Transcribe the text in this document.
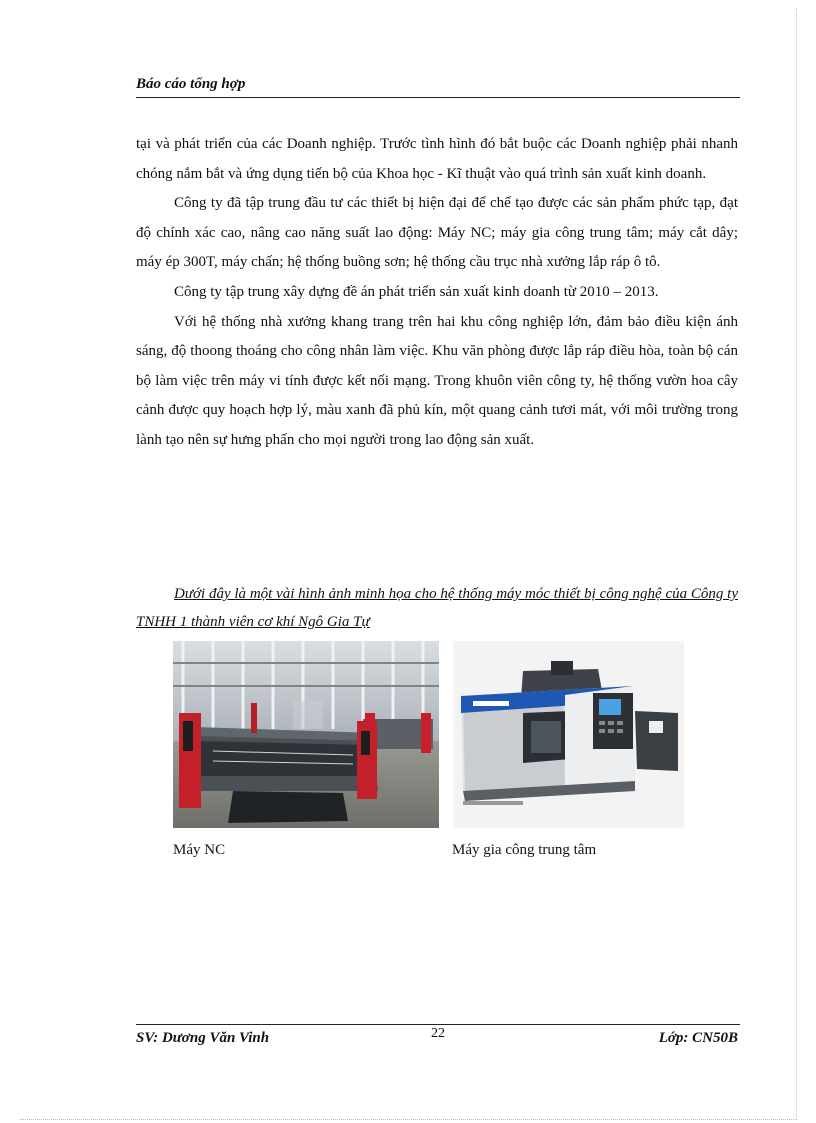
Báo cáo tổng hợp

tại và phát triển của các Doanh nghiệp. Trước tình hình đó bắt buộc các Doanh nghiệp phải nhanh chóng nắm bắt và ứng dụng tiến bộ của Khoa học - Kĩ thuật vào quá trình sản xuất kinh doanh.

Công ty đã tập trung đầu tư các thiết bị hiện đại để chế tạo được các sản phẩm phức tạp, đạt độ chính xác cao, nâng cao năng suất lao động: Máy NC; máy gia công trung tâm; máy cắt dây; máy ép 300T, máy chấn; hệ thống buồng sơn; hệ thống cầu trục nhà xưởng lắp ráp ô tô.

Công ty tập trung xây dựng đề án phát triển sản xuất kinh doanh từ 2010 – 2013.

Với hệ thống nhà xưởng khang trang trên hai khu công nghiệp lớn, đảm bảo điều kiện ánh sáng, độ thoong thoáng cho công nhân làm việc. Khu văn phòng được lắp ráp điều hòa, toàn bộ cán bộ làm việc trên máy vi tính được kết nối mạng. Trong khuôn viên công ty, hệ thống vườn hoa cây cảnh được quy hoạch hợp lý, màu xanh đã phủ kín, một quang cảnh tươi mát, với môi trường trong lành tạo nên sự hưng phấn cho mọi người trong lao động sản xuất.

Dưới đây là một vài hình ảnh minh họa cho hệ thống máy móc thiết bị công nghệ của Công ty TNHH 1 thành viên cơ khí Ngô Gia Tự
Máy NC	Máy gia công trung tâm
SV: Dương Văn Vinh	22	Lớp: CN50B
